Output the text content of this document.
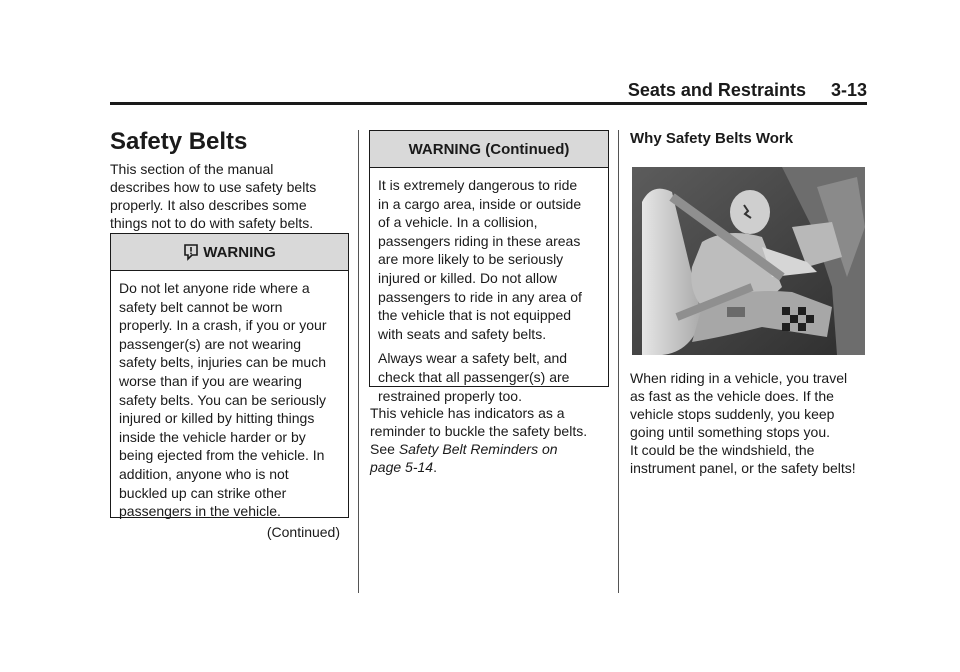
Seats and Restraints     3-13
Safety Belts
This section of the manual
describes how to use safety belts
properly. It also describes some
things not to do with safety belts.
WARNING
Do not let anyone ride where a
safety belt cannot be worn
properly. In a crash, if you or your
passenger(s) are not wearing
safety belts, injuries can be much
worse than if you are wearing
safety belts. You can be seriously
injured or killed by hitting things
inside the vehicle harder or by
being ejected from the vehicle. In
addition, anyone who is not
buckled up can strike other
passengers in the vehicle.
(Continued)
WARNING (Continued)

It is extremely dangerous to ride
in a cargo area, inside or outside
of a vehicle. In a collision,
passengers riding in these areas
are more likely to be seriously
injured or killed. Do not allow
passengers to ride in any area of
the vehicle that is not equipped
with seats and safety belts.

Always wear a safety belt, and
check that all passenger(s) are
restrained properly too.

This vehicle has indicators as a
reminder to buckle the safety belts.
See Safety Belt Reminders on
page 5-14.
Why Safety Belts Work
When riding in a vehicle, you travel
as fast as the vehicle does. If the
vehicle stops suddenly, you keep
going until something stops you.
It could be the windshield, the
instrument panel, or the safety belts!
